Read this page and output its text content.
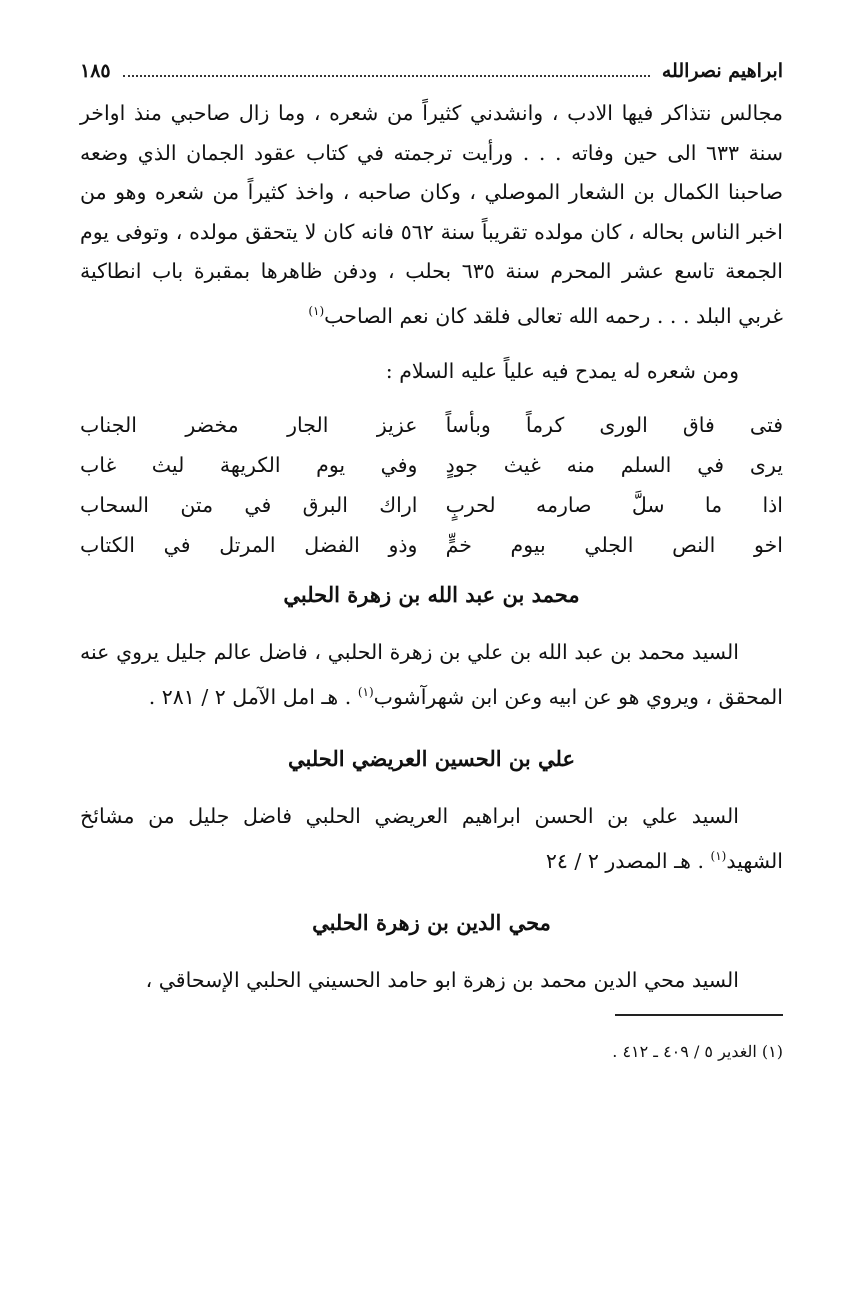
ابراهيم نصرالله
١٨٥

مجالس نتذاكر فيها الادب ، وانشدني كثيراً من شعره ، وما زال صاحبي منذ اواخر سنة ٦٣٣ الى حين وفاته . . . ورأيت ترجمته في كتاب عقود الجمان الذي وضعه صاحبنا الكمال بن الشعار الموصلي ، وكان صاحبه ، واخذ كثيراً من شعره وهو من اخبر الناس بحاله ، كان مولده تقريباً سنة ٥٦٢ فانه كان لا يتحقق مولده ، وتوفى يوم الجمعة تاسع عشر المحرم سنة ٦٣٥ بحلب ، ودفن ظاهرها بمقبرة باب انطاكية غربي البلد . . . رحمه الله تعالى فلقد كان نعم الصاحب$^{(١)}$

ومن شعره له يمدح فيه علياً عليه السلام :

فتى فاق الورى كرماً وبأساً
عزيز الجار مخضر الجناب
يرى في السلم منه غيث جودٍ
وفي يوم الكريهة ليث غاب
اذا ما سلَّ صارمه لحربٍ
اراك البرق في متن السحاب
اخو النص الجلي بيوم خمٍّ
وذو الفضل المرتل في الكتاب
محمد بن عبد الله بن زهرة الحلبي

السيد محمد بن عبد الله بن علي بن زهرة الحلبي ، فاضل عالم جليل يروي عنه المحقق ، ويروي هو عن ابيه وعن ابن شهرآشوب$^{(١)}$ . هـ امل الآمل ٢ / ٢٨١ .

علي بن الحسين العريضي الحلبي

السيد علي بن الحسن ابراهيم العريضي الحلبي فاضل جليل من مشائخ الشهيد$^{(١)}$ . هـ المصدر ٢ / ٢٤

محي الدين بن زهرة الحلبي

السيد محي الدين محمد بن زهرة ابو حامد الحسيني الحلبي الإسحاقي ،

(١) الغدير ٥ / ٤٠٩ ـ ٤١٢ .
